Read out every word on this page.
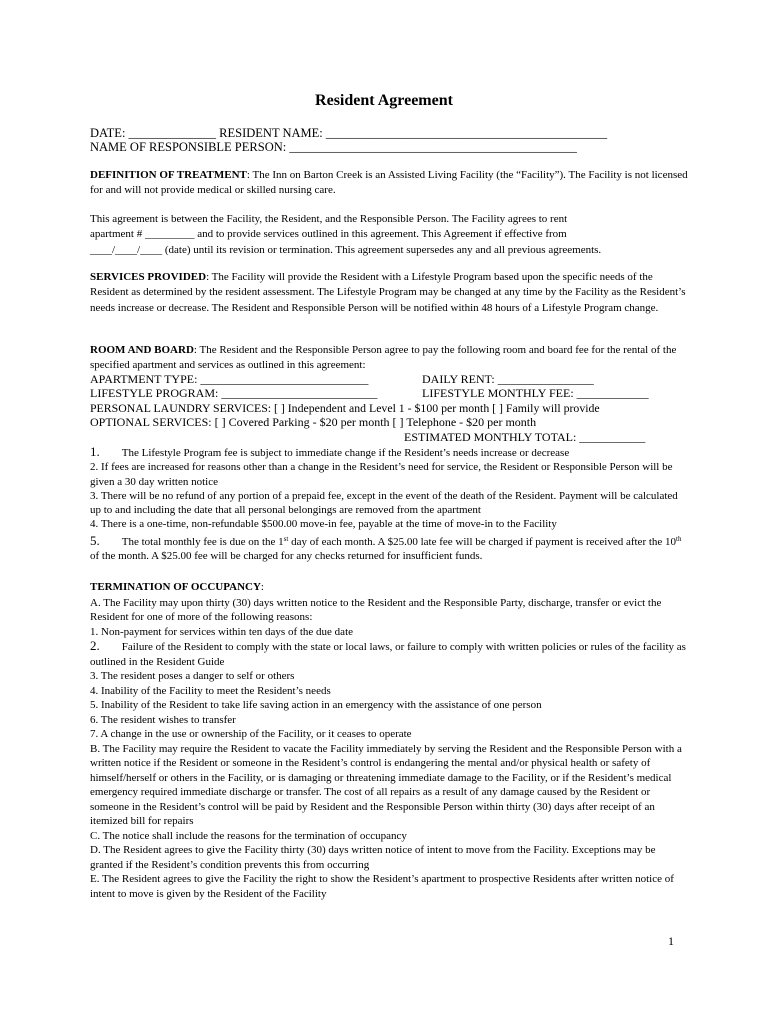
Resident Agreement
DATE: ______________ RESIDENT NAME: _____________________________________________
NAME OF RESPONSIBLE PERSON: ______________________________________________

DEFINITION OF TREATMENT: The Inn on Barton Creek is an Assisted Living Facility (the “Facility”). The Facility is not licensed for and will not provide medical or skilled nursing care.

This agreement is between the Facility, the Resident, and the Responsible Person. The Facility agrees to rent

apartment # _________ and to provide services outlined in this agreement. This Agreement if effective from

____/____/____ (date) until its revision or termination. This agreement supersedes any and all previous agreements.

SERVICES PROVIDED: The Facility will provide the Resident with a Lifestyle Program based upon the specific needs of the Resident as determined by the resident assessment. The Lifestyle Program may be changed at any time by the Facility as the Resident’s needs increase or decrease. The Resident and Responsible Person will be notified within 48 hours of a Lifestyle Program change.

ROOM AND BOARD: The Resident and the Responsible Person agree to pay the following room and board fee for the rental of the specified apartment and services as outlined in this agreement:

APARTMENT TYPE: ____________________________	DAILY RENT: ________________
LIFESTYLE PROGRAM: __________________________	LIFESTYLE MONTHLY FEE: ____________
PERSONAL LAUNDRY SERVICES: [ ] Independent and Level 1 - $100 per month [ ] Family will provide
OPTIONAL SERVICES: [ ] Covered Parking - $20 per month [ ] Telephone - $20 per month
ESTIMATED MONTHLY TOTAL: ___________

1. The Lifestyle Program fee is subject to immediate change if the Resident’s needs increase or decrease

2. If fees are increased for reasons other than a change in the Resident’s need for service, the Resident or Responsible Person will be given a 30 day written notice

3. There will be no refund of any portion of a prepaid fee, except in the event of the death of the Resident. Payment will be calculated up to and including the date that all personal belongings are removed from the apartment

4. There is a one-time, non-refundable $500.00 move-in fee, payable at the time of move-in to the Facility

5. The total monthly fee is due on the 1st day of each month. A $25.00 late fee will be charged if payment is received after the 10th of the month. A $25.00 fee will be charged for any checks returned for insufficient funds.

TERMINATION OF OCCUPANCY:

A. The Facility may upon thirty (30) days written notice to the Resident and the Responsible Party, discharge, transfer or evict the Resident for one of more of the following reasons:

1. Non-payment for services within ten days of the due date

2. Failure of the Resident to comply with the state or local laws, or failure to comply with written policies or rules of the facility as outlined in the Resident Guide

3. The resident poses a danger to self or others

4. Inability of the Facility to meet the Resident’s needs

5. Inability of the Resident to take life saving action in an emergency with the assistance of one person

6. The resident wishes to transfer

7. A change in the use or ownership of the Facility, or it ceases to operate

B. The Facility may require the Resident to vacate the Facility immediately by serving the Resident and the Responsible Person with a written notice if the Resident or someone in the Resident’s control is endangering the mental and/or physical health or safety of himself/herself or others in the Facility, or is damaging or threatening immediate damage to the Facility, or if the Resident’s medical emergency required immediate discharge or transfer. The cost of all repairs as a result of any damage caused by the Resident or someone in the Resident’s control will be paid by Resident and the Responsible Person within thirty (30) days after receipt of an itemized bill for repairs

C. The notice shall include the reasons for the termination of occupancy

D. The Resident agrees to give the Facility thirty (30) days written notice of intent to move from the Facility. Exceptions may be granted if the Resident’s condition prevents this from occurring

E. The Resident agrees to give the Facility the right to show the Resident’s apartment to prospective Residents after written notice of intent to move is given by the Resident of the Facility

1
